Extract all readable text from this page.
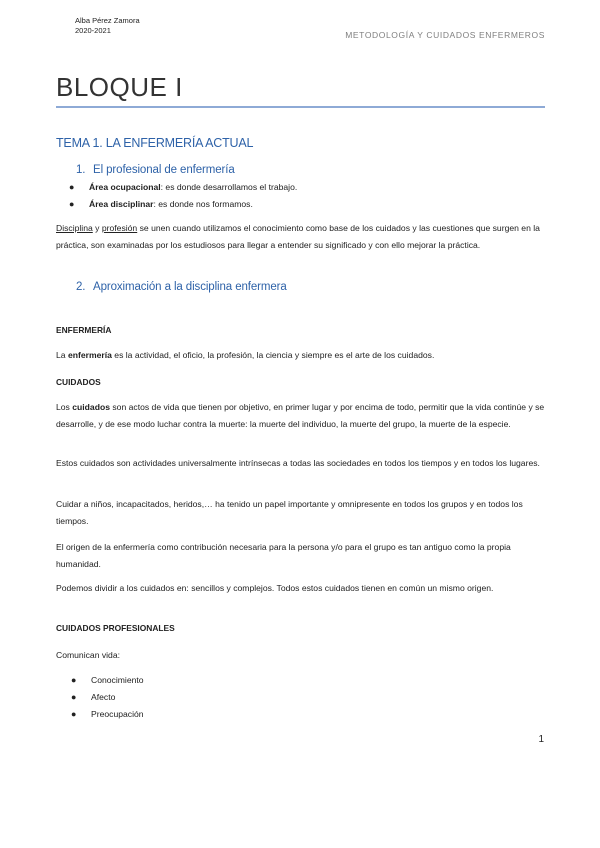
Alba Pérez Zamora
2020-2021	METODOLOGÍA Y CUIDADOS ENFERMEROS
BLOQUE I
TEMA 1. LA ENFERMERÍA ACTUAL
1. El profesional de enfermería
● Área ocupacional: es donde desarrollamos el trabajo.
● Área disciplinar: es donde nos formamos.
Disciplina y profesión se unen cuando utilizamos el conocimiento como base de los cuidados y las cuestiones que surgen en la práctica, son examinadas por los estudiosos para llegar a entender su significado y con ello mejorar la práctica.
2. Aproximación a la disciplina enfermera
ENFERMERÍA
La enfermería es la actividad, el oficio, la profesión, la ciencia y siempre es el arte de los cuidados.
CUIDADOS
Los cuidados son actos de vida que tienen por objetivo, en primer lugar y por encima de todo, permitir que la vida continúe y se desarrolle, y de ese modo luchar contra la muerte: la muerte del individuo, la muerte del grupo, la muerte de la especie.
Estos cuidados son actividades universalmente intrínsecas a todas las sociedades en todos los tiempos y en todos los lugares.
Cuidar a niños, incapacitados, heridos,… ha tenido un papel importante y omnipresente en todos los grupos y en todos los tiempos.
El origen de la enfermería como contribución necesaria para la persona y/o para el grupo es tan antiguo como la propia humanidad.
Podemos dividir a los cuidados en: sencillos y complejos. Todos estos cuidados tienen en común un mismo origen.
CUIDADOS PROFESIONALES
Comunican vida:
● Conocimiento
● Afecto
● Preocupación
1
